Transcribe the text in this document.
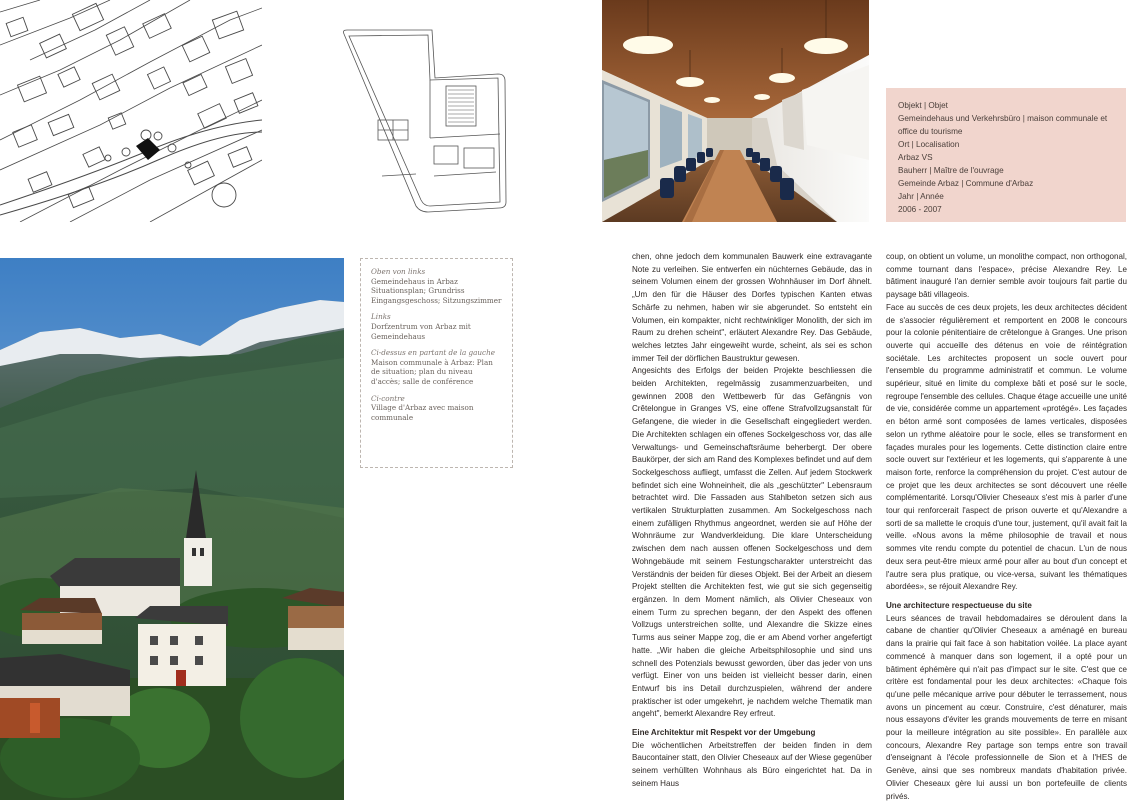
Objekt | Objet
Gemeindehaus und Verkehrsbüro | maison communale et
office du tourisme
Ort | Localisation
Arbaz VS
Bauherr | Maître de l'ouvrage
Gemeinde Arbaz | Commune d'Arbaz
Jahr | Année
2006 - 2007
Oben von links
Gemeindehaus in Arbaz Situationsplan; Grundriss Eingangsgeschoss; Sitzungszimmer
Links
Dorfzentrum von Arbaz mit Gemeindehaus
Ci-dessus en partant de la gauche
Maison communale à Arbaz: Plan de situation; plan du niveau d'accès; salle de conférence
Ci-contre
Village d'Arbaz avec maison communale

chen, ohne jedoch dem kommunalen Bauwerk eine extravagante Note zu verleihen. Sie entwerfen ein nüchternes Gebäude, das in seinem Volumen einem der grossen Wohnhäuser im Dorf ähnelt. „Um den für die Häuser des Dorfes typischen Kanten etwas Schärfe zu nehmen, haben wir sie abgerundet. So entsteht ein Volumen, ein kompakter, nicht rechtwinkliger Monolith, der sich im Raum zu drehen scheint", erläutert Alexandre Rey. Das Gebäude, welches letztes Jahr eingeweiht wurde, scheint, als sei es schon immer Teil der dörflichen Baustruktur gewesen.

Angesichts des Erfolgs der beiden Projekte beschliessen die beiden Architekten, regelmässig zusammenzuarbeiten, und gewinnen 2008 den Wettbewerb für das Gefängnis von Crêtelongue in Granges VS, eine offene Strafvollzugsanstalt für Gefangene, die wieder in die Gesellschaft eingegliedert werden. Die Architekten schlagen ein offenes Sockelgeschoss vor, das alle Verwaltungs- und Gemeinschaftsräume beherbergt. Der obere Baukörper, der sich am Rand des Komplexes befindet und auf dem Sockelgeschoss aufliegt, umfasst die Zellen. Auf jedem Stockwerk befindet sich eine Wohneinheit, die als „geschützter" Lebensraum betrachtet wird. Die Fassaden aus Stahlbeton setzen sich aus vertikalen Strukturplatten zusammen. Am Sockelgeschoss nach einem zufälligen Rhythmus angeordnet, werden sie auf Höhe der Wohnräume zur Wandverkleidung. Die klare Unterscheidung zwischen dem nach aussen offenen Sockelgeschoss und dem Wohngebäude mit seinem Festungscharakter unterstreicht das Verständnis der beiden für dieses Objekt. Bei der Arbeit an diesem Projekt stellten die Architekten fest, wie gut sie sich gegenseitig ergänzen. In dem Moment nämlich, als Olivier Cheseaux von einem Turm zu sprechen begann, der den Aspekt des offenen Vollzugs unterstreichen sollte, und Alexandre die Skizze eines Turms aus seiner Mappe zog, die er am Abend vorher angefertigt hatte. „Wir haben die gleiche Arbeitsphilosophie und sind uns schnell des Potenzials bewusst geworden, über das jeder von uns verfügt. Einer von uns beiden ist vielleicht besser darin, einen Entwurf bis ins Detail durchzuspielen, während der andere praktischer ist oder umgekehrt, je nachdem welche Thematik man angeht", bemerkt Alexandre Rey erfreut.

Eine Architektur mit Respekt vor der Umgebung

Die wöchentlichen Arbeitstreffen der beiden finden in dem Baucontainer statt, den Olivier Cheseaux auf der Wiese gegenüber seinem verhüllten Wohnhaus als Büro eingerichtet hat. Da in seinem Haus

coup, on obtient un volume, un monolithe compact, non orthogonal, comme tournant dans l'espace», précise Alexandre Rey. Le bâtiment inauguré l'an dernier semble avoir toujours fait partie du paysage bâti villageois.

Face au succès de ces deux projets, les deux architectes décident de s'associer régulièrement et remportent en 2008 le concours pour la colonie pénitentiaire de crêtelongue à Granges. Une prison ouverte qui accueille des détenus en voie de réintégration sociétale. Les architectes proposent un socle ouvert pour l'ensemble du programme administratif et commun. Le volume supérieur, situé en limite du complexe bâti et posé sur le socle, regroupe l'ensemble des cellules. Chaque étage accueille une unité de vie, considérée comme un appartement «protégé». Les façades en béton armé sont composées de lames verticales, disposées selon un rythme aléatoire pour le socle, elles se transforment en façades murales pour les logements. Cette distinction claire entre socle ouvert sur l'extérieur et les logements, qui s'apparente à une maison forte, renforce la compréhension du projet. C'est autour de ce projet que les deux architectes se sont découvert une réelle complémentarité. Lorsqu'Olivier Cheseaux s'est mis à parler d'une tour qui renforcerait l'aspect de prison ouverte et qu'Alexandre a sorti de sa mallette le croquis d'une tour, justement, qu'il avait fait la veille. «Nous avons la même philosophie de travail et nous sommes vite rendu compte du potentiel de chacun. L'un de nous deux sera peut-être mieux armé pour aller au bout d'un concept et l'autre sera plus pratique, ou vice-versa, suivant les thématiques abordées», se réjouit Alexandre Rey.

Une architecture respectueuse du site

Leurs séances de travail hebdomadaires se déroulent dans la cabane de chantier qu'Olivier Cheseaux a aménagé en bureau dans la prairie qui fait face à son habitation voilée. La place ayant commencé à manquer dans son logement, il a opté pour un bâtiment éphémère qui n'ait pas d'impact sur le site. C'est que ce critère est fondamental pour les deux architectes: «Chaque fois qu'une pelle mécanique arrive pour débuter le terrassement, nous avons un pincement au cœur. Construire, c'est dénaturer, mais nous essayons d'éviter les grands mouvements de terre en misant pour la meilleure intégration au site possible». En parallèle aux concours, Alexandre Rey partage son temps entre son travail d'enseignant à l'école professionnelle de Sion et à l'HES de Genève, ainsi que ses nombreux mandats d'habitation privée. Olivier Cheseaux gère lui aussi un bon portefeuille de clients privés.
